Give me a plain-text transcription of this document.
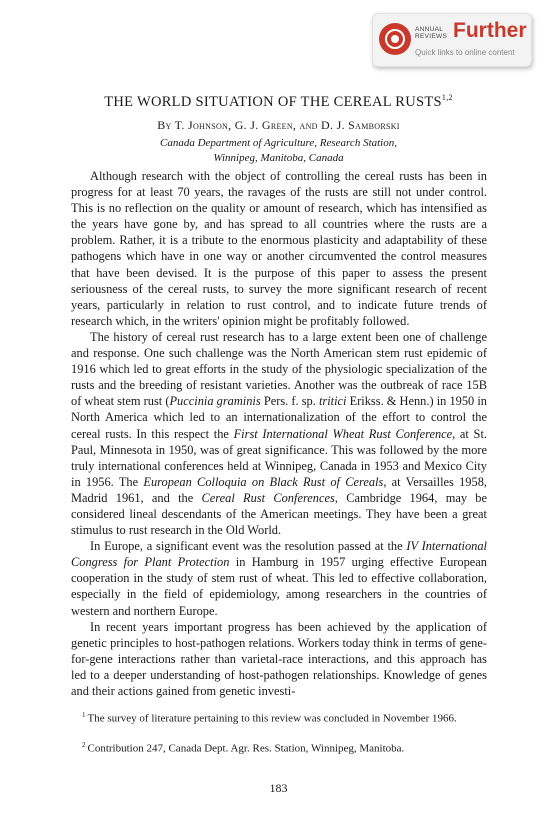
ANNUAL REVIEWS Further
Quick links to online content
THE WORLD SITUATION OF THE CEREAL RUSTS$^{1,2}$
By T. Johnson, G. J. Green, and D. J. Samborski
Canada Department of Agriculture, Research Station,
Winnipeg, Manitoba, Canada

Although research with the object of controlling the cereal rusts has been in progress for at least 70 years, the ravages of the rusts are still not under control. This is no reflection on the quality or amount of research, which has intensified as the years have gone by, and has spread to all countries where the rusts are a problem. Rather, it is a tribute to the enormous plasticity and adaptability of these pathogens which have in one way or another circumvented the control measures that have been devised. It is the purpose of this paper to assess the present seriousness of the cereal rusts, to survey the more significant research of recent years, particularly in relation to rust control, and to indicate future trends of research which, in the writers' opinion might be profitably followed.

The history of cereal rust research has to a large extent been one of challenge and response. One such challenge was the North American stem rust epidemic of 1916 which led to great efforts in the study of the physiologic specialization of the rusts and the breeding of resistant varieties. Another was the outbreak of race 15B of wheat stem rust (Puccinia graminis Pers. f. sp. tritici Erikss. & Henn.) in 1950 in North America which led to an internationalization of the effort to control the cereal rusts. In this respect the First International Wheat Rust Conference, at St. Paul, Minnesota in 1950, was of great significance. This was followed by the more truly international conferences held at Winnipeg, Canada in 1953 and Mexico City in 1956. The European Colloquia on Black Rust of Cereals, at Versailles 1958, Madrid 1961, and the Cereal Rust Conferences, Cambridge 1964, may be considered lineal descendants of the American meetings. They have been a great stimulus to rust research in the Old World.

In Europe, a significant event was the resolution passed at the IV International Congress for Plant Protection in Hamburg in 1957 urging effective European cooperation in the study of stem rust of wheat. This led to effective collaboration, especially in the field of epidemiology, among researchers in the countries of western and northern Europe.

In recent years important progress has been achieved by the application of genetic principles to host-pathogen relations. Workers today think in terms of gene-for-gene interactions rather than varietal-race interactions, and this approach has led to a deeper understanding of host-pathogen relationships. Knowledge of genes and their actions gained from genetic investi-

$^1$ The survey of literature pertaining to this review was concluded in November 1966.
$^2$ Contribution 247, Canada Dept. Agr. Res. Station, Winnipeg, Manitoba.
183
